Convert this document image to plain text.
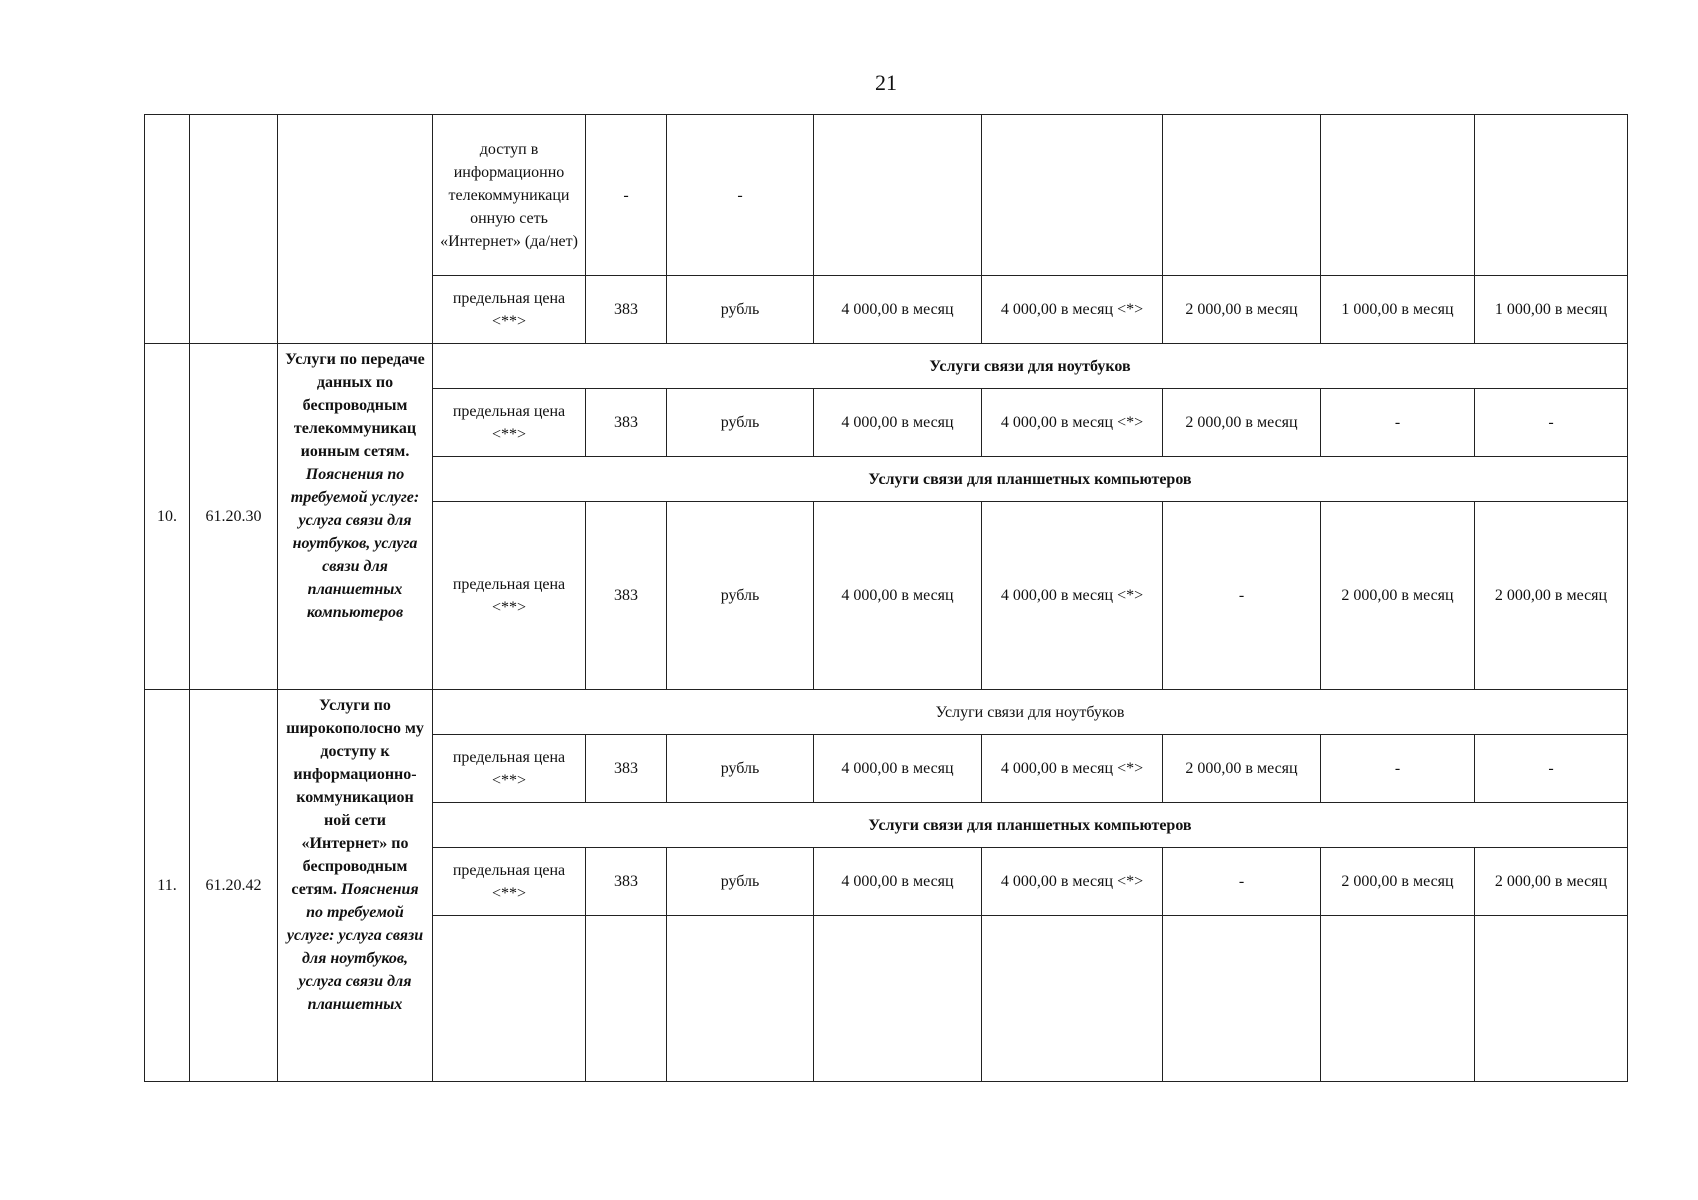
21
			доступ в информационно телекоммуникаци онную сеть «Интернет» (да/нет)	-	-					
			предельная цена <**>	383	рубль	4 000,00 в месяц	4 000,00 в месяц <*>	2 000,00 в месяц	1 000,00 в месяц	1 000,00 в месяц
10.	61.20.30	Услуги по передаче данных по беспроводным телекоммуникац ионным сетям. Пояснения по требуемой услуге: услуга связи для ноутбуков, услуга связи для планшетных компьютеров	Услуги связи для ноутбуков							
			предельная цена <**>	383	рубль	4 000,00 в месяц	4 000,00 в месяц <*>	2 000,00 в месяц	-	-
			Услуги связи для планшетных компьютеров							
			предельная цена <**>	383	рубль	4 000,00 в месяц	4 000,00 в месяц <*>	-	2 000,00 в месяц	2 000,00 в месяц
11.	61.20.42	Услуги по широкополосно му доступу к информационно- коммуникацион ной сети «Интернет» по беспроводным сетям. Пояснения по требуемой услуге: услуга связи для ноутбуков, услуга связи для планшетных	Услуги связи для ноутбуков							
			предельная цена <**>	383	рубль	4 000,00 в месяц	4 000,00 в месяц <*>	2 000,00 в месяц	-	-
			Услуги связи для планшетных компьютеров							
			предельная цена <**>	383	рубль	4 000,00 в месяц	4 000,00 в месяц <*>	-	2 000,00 в месяц	2 000,00 в месяц
